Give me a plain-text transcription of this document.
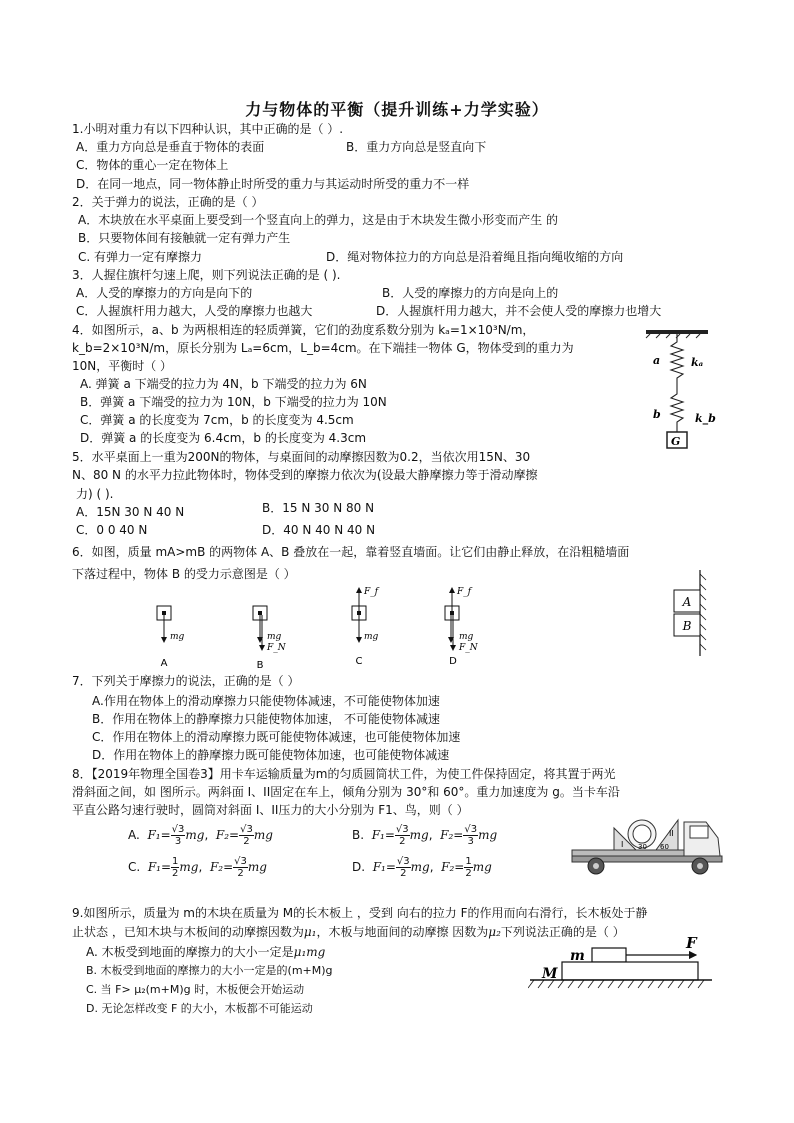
力与物体的平衡（提升训练+力学实验）
1.小明对重力有以下四种认识，其中正确的是（ ）.
A．重力方向总是垂直于物体的表面	B．重力方向总是竖直向下
C．物体的重心一定在物体上
D．在同一地点，同一物体静止时所受的重力与其运动时所受的重力不一样
2．关于弹力的说法，正确的是（ ）
A．木块放在水平桌面上要受到一个竖直向上的弹力，这是由于木块发生微小形变而产生 的
B．只要物体间有接触就一定有弹力产生
C. 有弹力一定有摩擦力	D．绳对物体拉力的方向总是沿着绳且指向绳收缩的方向
3．人握住旗杆匀速上爬，则下列说法正确的是 ( ).
A．人受的摩擦力的方向是向下的	B．人受的摩擦力的方向是向上的
C．人握旗杆用力越大，人受的摩擦力也越大	D．人握旗杆用力越大，并不会使人受的摩擦力也增大
4．如图所示，a、b 为两根相连的轻质弹簧，它们的劲度系数分别为 kₐ=1×10³N/m，
k_b=2×10³N/m，原长分别为 Lₐ=6cm，L_b=4cm。在下端挂一物体 G，物体受到的重力为
10N，平衡时（ ）
A. 弹簧 a 下端受的拉力为 4N，b 下端受的拉力为 6N
B．弹簧 a 下端受的拉力为 10N，b 下端受的拉力为 10N
C．弹簧 a 的长度变为 7cm，b 的长度变为 4.5cm
D．弹簧 a 的长度变为 6.4cm，b 的长度变为 4.3cm
a	kₐ
b	k_b
G
5．水平桌面上一重为200N的物体，与桌面间的动摩擦因数为0.2，当依次用15N、30
N、80 N 的水平力拉此物体时，物体受到的摩擦力依次为(设最大静摩擦力等于滑动摩擦
力) ( ).
A．15N 30 N 40 N
C．0 0 40 N
B．15 N 30 N 80 N
D．40 N 40 N 40 N
6．如图，质量 mA>mB 的两物体 A、B 叠放在一起，靠着竖直墙面。让它们由静止释放，在沿粗糙墙面
下落过程中，物体 B 的受力示意图是（ ）
mg
A
mg
F_N
B
F_f
mg
C
F_f
mg
F_N
D
A
B
7．下列关于摩擦力的说法，正确的是（ ）
A.作用在物体上的滑动摩擦力只能使物体减速，不可能使物体加速
B．作用在物体上的静摩擦力只能使物体加速， 不可能使物体减速
C．作用在物体上的滑动摩擦力既可能使物体减速，也可能使物体加速
D．作用在物体上的静摩擦力既可能使物体加速，也可能使物体减速
8．【2019年物理全国卷3】用卡车运输质量为m的匀质圆筒状工件，为使工件保持固定，将其置于两光
滑斜面之间，如 图所示。两斜面 I、II固定在车上，倾角分别为 30°和 60°。重力加速度为 g。当卡车沿
平直公路匀速行驶时，圆筒对斜面 I、II压力的大小分别为 F1、鸟，则（ ）
A. $F_1= \frac{√3}{3}$ mg,  $F_2= \frac{√3}{2}$ mg	B. $F_1= \frac{√3}{2}$ mg,  $F_2= \frac{√3}{3}$ mg
C. $F_1= \frac{1}{2}$ mg,  $F_2= \frac{√3}{2}$ mg	D. $F_1= \frac{√3}{2}$ mg,  $F_2= \frac{1}{2}$ mg
I
II
30 60
9.如图所示，质量为 m的木块在质量为 M的长木板上 ，受到 向右的拉力 F的作用而向右滑行，长木板处于静
止状态 ，已知木块与木板间的动摩擦因数为μ₁，木板与地面间的动摩擦 因数为μ₂下列说法正确的是（ ）
A. 木板受到地面的摩擦力的大小一定是μ₁mg
B. 木板受到地面的摩擦力的大小一定是的(m+M)g
C. 当 F> μ₂(m+M)g 时，木板便会开始运动
D. 无论怎样改变 F 的大小，木板都不可能运动
m
M
F
